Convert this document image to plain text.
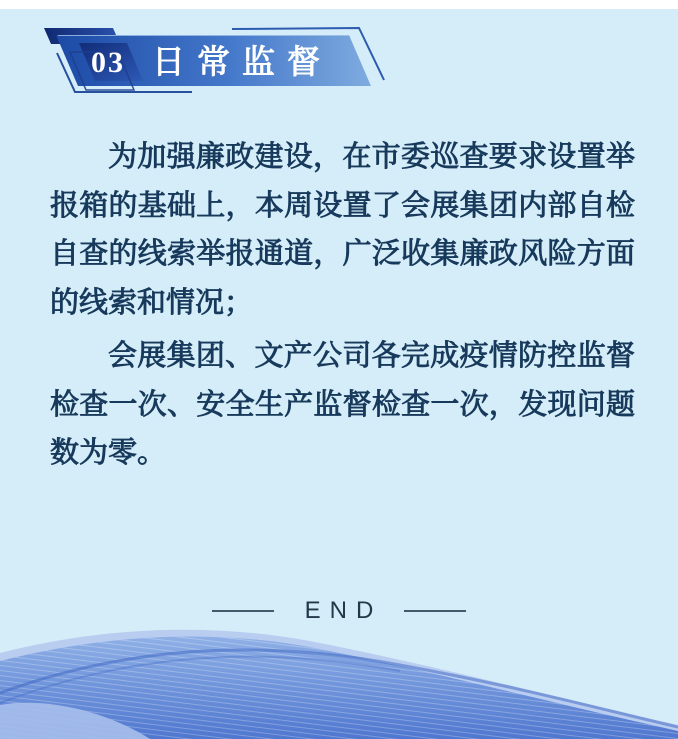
03 日常监督

为加强廉政建设，在市委巡查要求设置举报箱的基础上，本周设置了会展集团内部自检自查的线索举报通道，广泛收集廉政风险方面的线索和情况；

会展集团、文产公司各完成疫情防控监督检查一次、安全生产监督检查一次，发现问题数为零。

END
